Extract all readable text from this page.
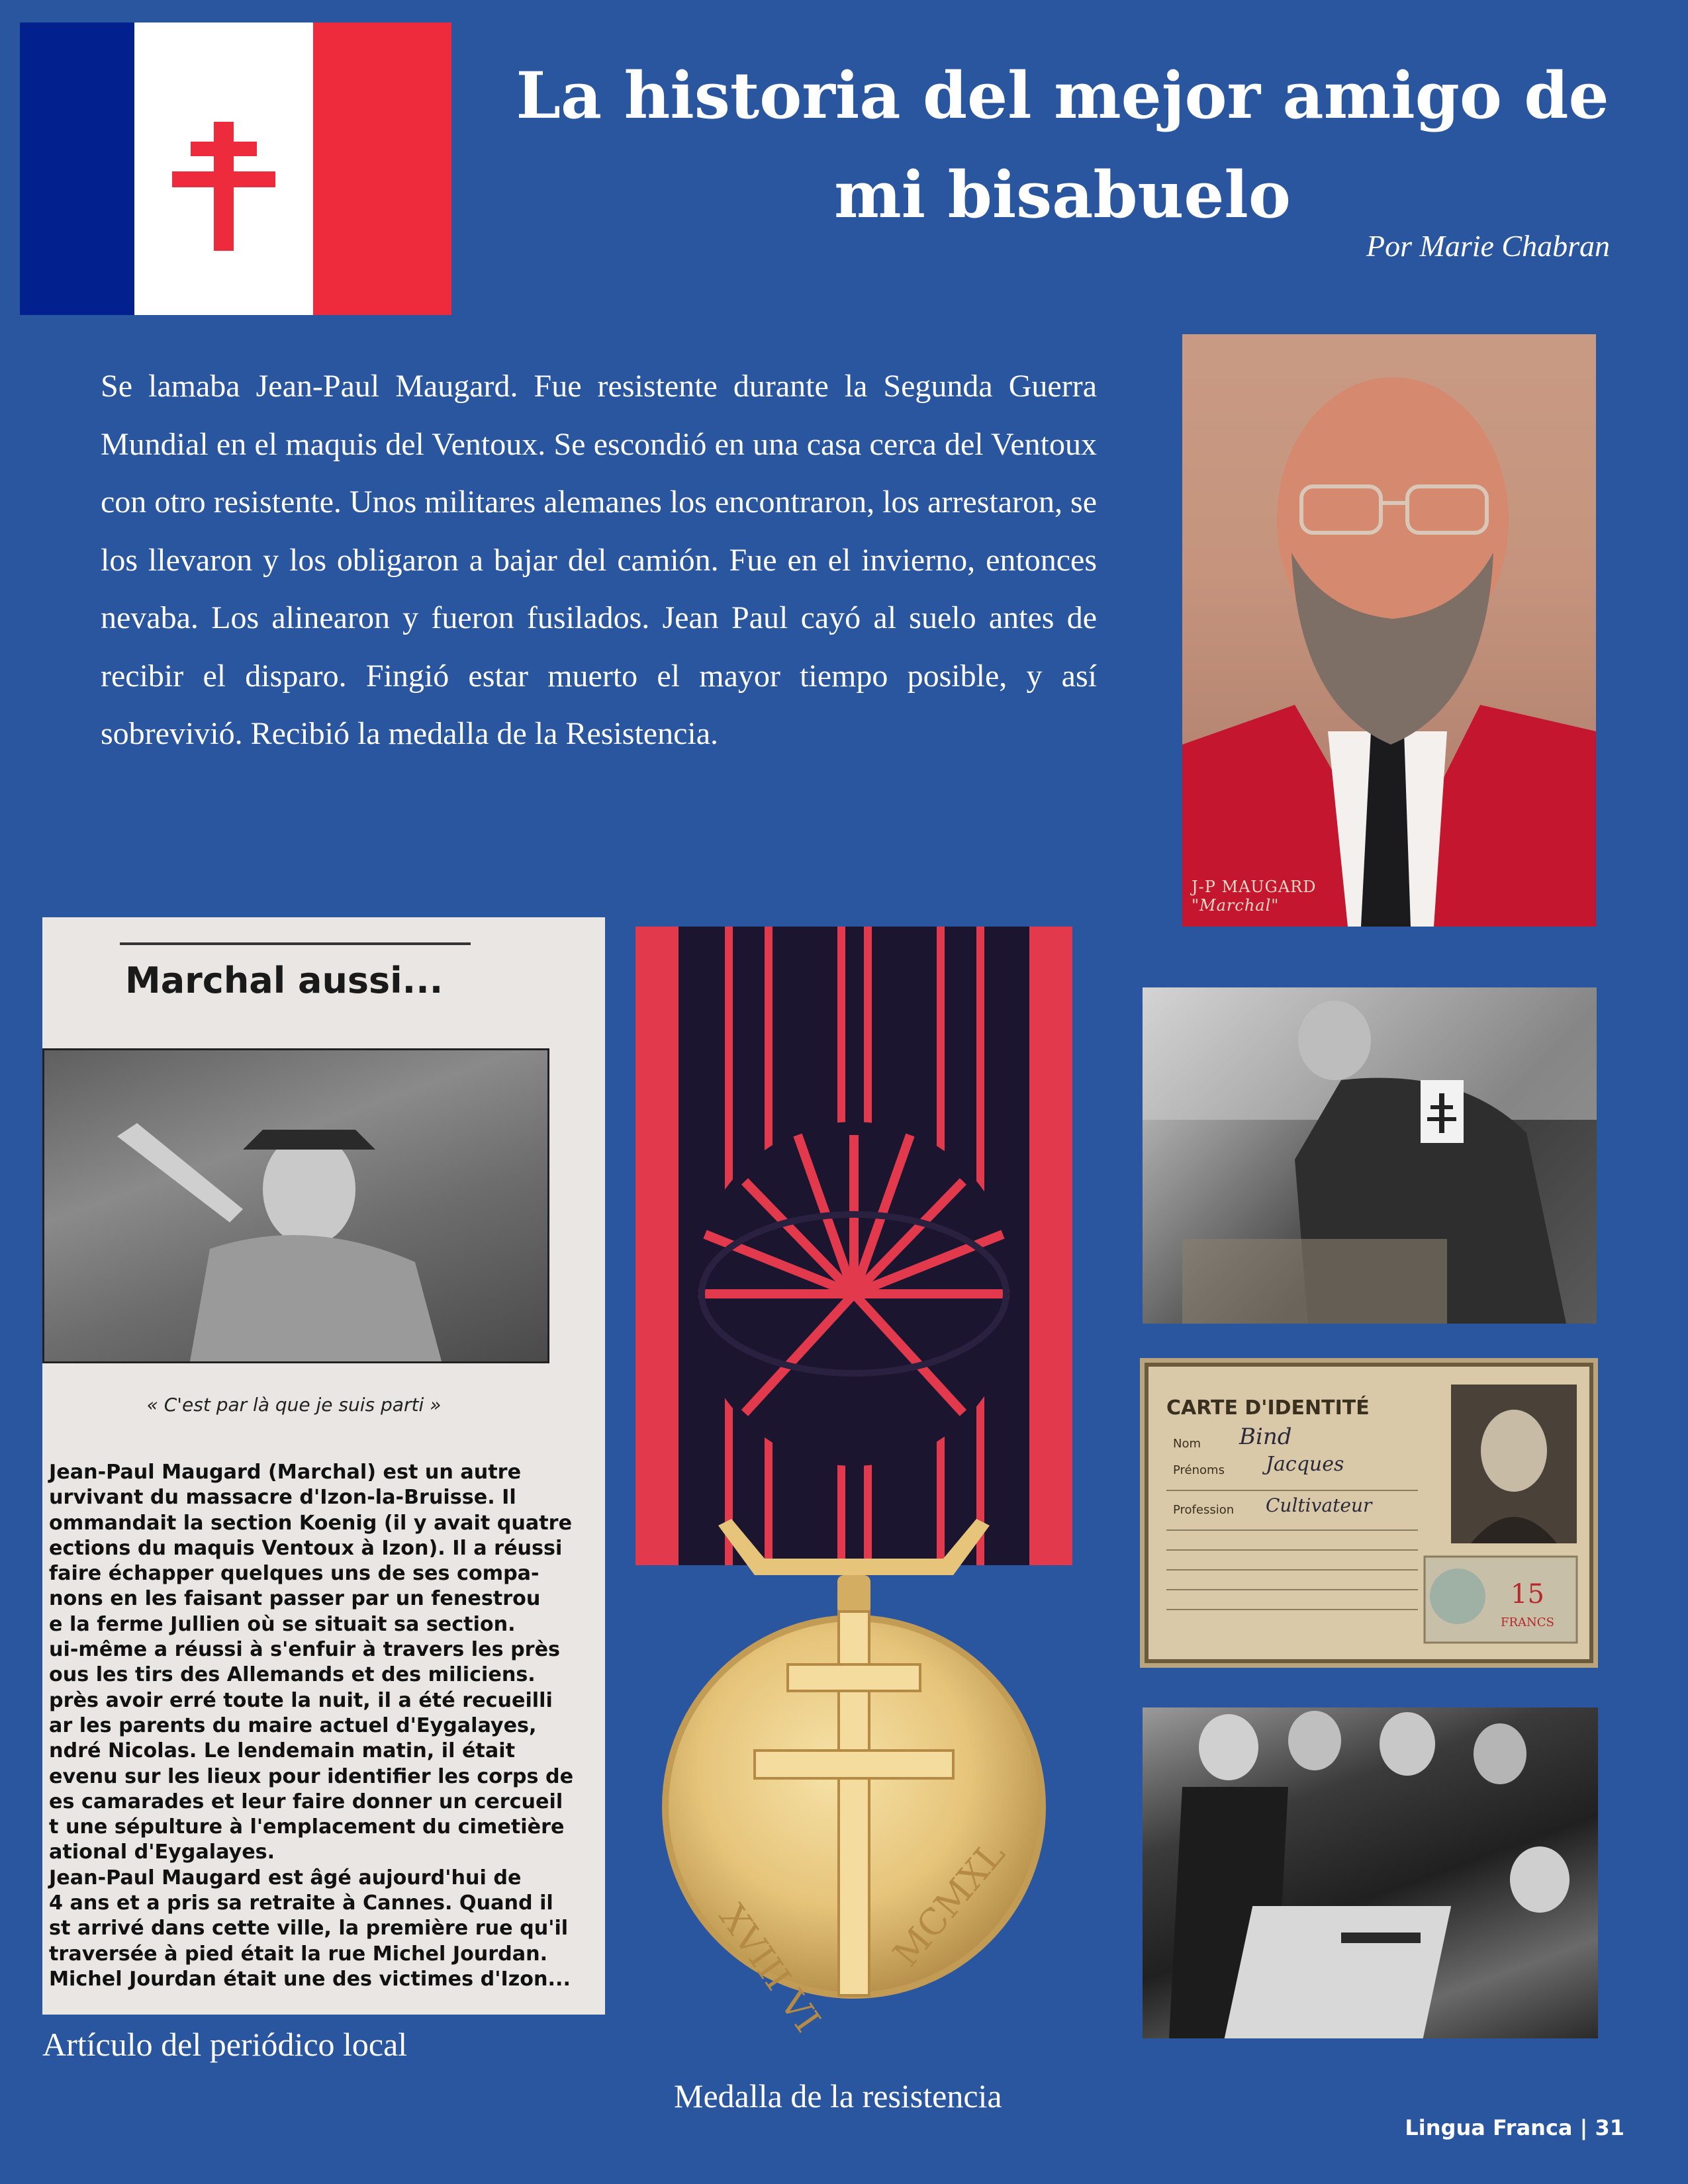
La historia del mejor amigo de mi bisabuelo
Por Marie Chabran
Se lamaba Jean-Paul Maugard. Fue resistente durante la Segunda Guerra Mundial en el maquis del Ventoux. Se escondió en una casa cerca del Ventoux con otro resistente. Unos militares alemanes los encontraron, los arrestaron, se los llevaron y los obligaron a bajar del camión. Fue en el invierno, entonces nevaba. Los alinearon y fueron fusilados. Jean Paul cayó al suelo antes de recibir el disparo. Fingió estar muerto el mayor tiempo posible, y así sobrevivió. Recibió la medalla de la Resistencia.
J-P MAUGARD
"Marchal"
Marchal aussi...
« C'est par là que je suis parti »
Jean-Paul Maugard (Marchal) est un autre
urvivant du massacre d'Izon-la-Bruisse. Il
ommandait la section Koenig (il y avait quatre
ections du maquis Ventoux à Izon). Il a réussi
faire échapper quelques uns de ses compa-
nons en les faisant passer par un fenestrou
e la ferme Jullien où se situait sa section.
ui-même a réussi à s'enfuir à travers les près
ous les tirs des Allemands et des miliciens.
près avoir erré toute la nuit, il a été recueilli
ar les parents du maire actuel d'Eygalayes,
ndré Nicolas. Le lendemain matin, il était
evenu sur les lieux pour identifier les corps de
es camarades et leur faire donner un cercueil
t une sépulture à l'emplacement du cimetière
ational d'Eygalayes.
Jean-Paul Maugard est âgé aujourd'hui de
4 ans et a pris sa retraite à Cannes. Quand il
st arrivé dans cette ville, la première rue qu'il
traversée à pied était la rue Michel Jourdan.
Michel Jourdan était une des victimes d'Izon...
Artículo del periódico local
XVIII VI MCMXL
Medalla de la resistencia
15
FRANCS
CARTE D'IDENTITÉ
Nom Bind
Prénoms Jacques
Profession Cultivateur
Lingua Franca | 31
